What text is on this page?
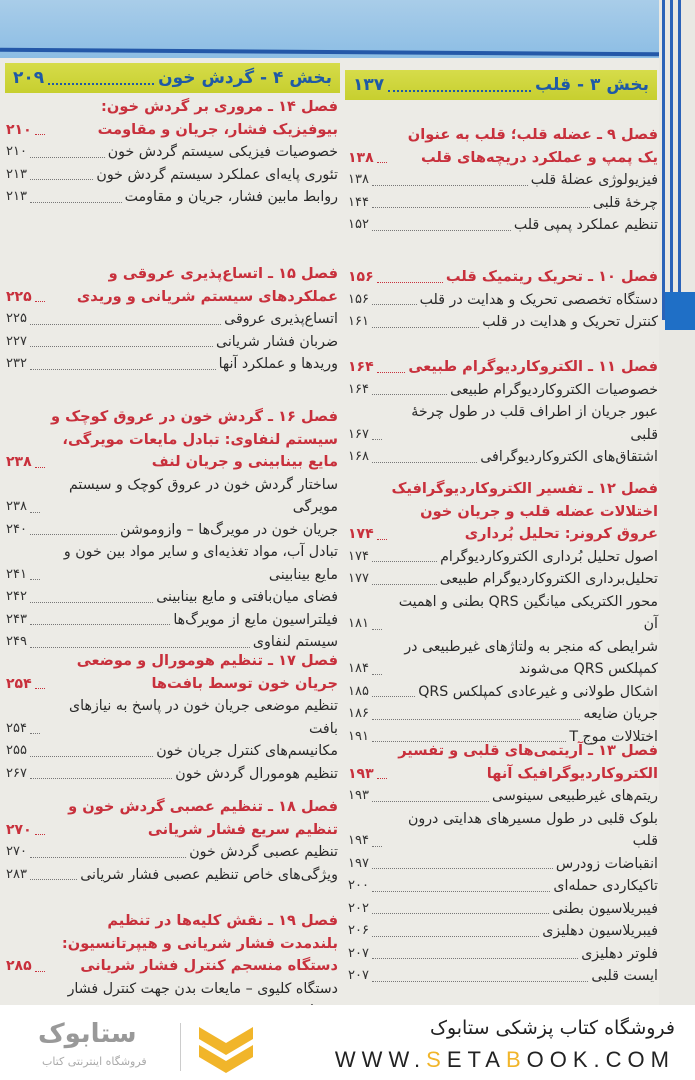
بخش ۳ - قلب
۱۳۷
بخش ۴ - گردش خون
۲۰۹
فصل ۹ ـ عضله قلب؛ قلب به عنوان یک پمپ و عملکرد دریچه‌های قلب
۱۳۸
فیزیولوژی عضلهٔ قلب
۱۳۸
چرخهٔ قلبی
۱۴۴
تنظیم عملکرد پمپی قلب
۱۵۲
فصل ۱۰ ـ تحریک ریتمیک قلب
۱۵۶
دستگاه تخصصی تحریک و هدایت در قلب
۱۵۶
کنترل تحریک و هدایت در قلب
۱۶۱
فصل ۱۱ ـ الکتروکاردیوگرام طبیعی
۱۶۴
خصوصیات الکتروکاردیوگرام طبیعی
۱۶۴
عبور جریان از اطراف قلب در طول چرخهٔ قلبی
۱۶۷
اشتقاق‌های الکتروکاردیوگرافی
۱۶۸
فصل ۱۲ ـ تفسیر الکتروکاردیوگرافیک اختلالات عضله قلب و جریان خون عروق کرونر: تحلیل بُرداری
۱۷۴
اصول تحلیل بُرداری الکتروکاردیوگرام
۱۷۴
تحلیل‌برداری الکتروکاردیوگرام طبیعی
۱۷۷
محور الکتریکی میانگین QRS بطنی و اهمیت آن
۱۸۱
شرایطی که منجر به ولتاژهای غیرطبیعی در کمپلکس QRS می‌شوند
۱۸۴
اشکال طولانی و غیرعادی کمپلکس QRS
۱۸۵
جریان ضایعه
۱۸۶
اختلالات موج T
۱۹۱
فصل ۱۳ ـ آریتمی‌های قلبی و تفسیر الکتروکاردیوگرافیک آنها
۱۹۳
ریتم‌های غیرطبیعی سینوسی
۱۹۳
بلوک قلبی در طول مسیرهای هدایتی درون قلب
۱۹۴
انقباضات زودرس
۱۹۷
تاکیکاردی حمله‌ای
۲۰۰
فیبریلاسیون بطنی
۲۰۲
فیبریلاسیون دهلیزی
۲۰۶
فلوتر دهلیزی
۲۰۷
ایست قلبی
۲۰۷
فصل ۱۴ ـ مروری بر گردش خون: بیوفیزیک فشار، جریان و مقاومت
۲۱۰
خصوصیات فیزیکی سیستم گردش خون
۲۱۰
تئوری پایه‌ای عملکرد سیستم گردش خون
۲۱۳
روابط مابین فشار، جریان و مقاومت
۲۱۳
فصل ۱۵ ـ اتساع‌پذیری عروقی و عملکردهای سیستم شریانی و وریدی
۲۲۵
اتساع‌پذیری عروقی
۲۲۵
ضربان فشار شریانی
۲۲۷
وریدها و عملکرد آنها
۲۳۲
فصل ۱۶ ـ گردش خون در عروق کوچک و سیستم لنفاوی: تبادل مایعات مویرگی، مایع بینابینی و جریان لنف
۲۳۸
ساختار گردش خون در عروق کوچک و سیستم مویرگی
۲۳۸
جریان خون در مویرگ‌ها – وازوموشن
۲۴۰
تبادل آب، مواد تغذیه‌ای و سایر مواد بین خون و مایع بینابینی
۲۴۱
فضای میان‌بافتی و مایع بینابینی
۲۴۲
فیلتراسیون مایع از مویرگ‌ها
۲۴۳
سیستم لنفاوی
۲۴۹
فصل ۱۷ ـ تنظیم هومورال و موضعی جریان خون توسط بافت‌ها
۲۵۴
تنظیم موضعی جریان خون در پاسخ به نیازهای بافت
۲۵۴
مکانیسم‌های کنترل جریان خون
۲۵۵
تنظیم هومورال گردش خون
۲۶۷
فصل ۱۸ ـ تنظیم عصبی گردش خون و تنظیم سریع فشار شریانی
۲۷۰
تنظیم عصبی گردش خون
۲۷۰
ویژگی‌های خاص تنظیم عصبی فشار شریانی
۲۸۳
فصل ۱۹ ـ نقش کلیه‌ها در تنظیم بلندمدت فشار شریانی و هیپرتانسیون: دستگاه منسجم کنترل فشار شریانی
۲۸۵
دستگاه کلیوی – مایعات بدن جهت کنترل فشار
فروشگاه کتاب پزشکی ستابوک
WWW.SETABOOK.COM
ستابوک
فروشگاه اینترنتی کتاب
